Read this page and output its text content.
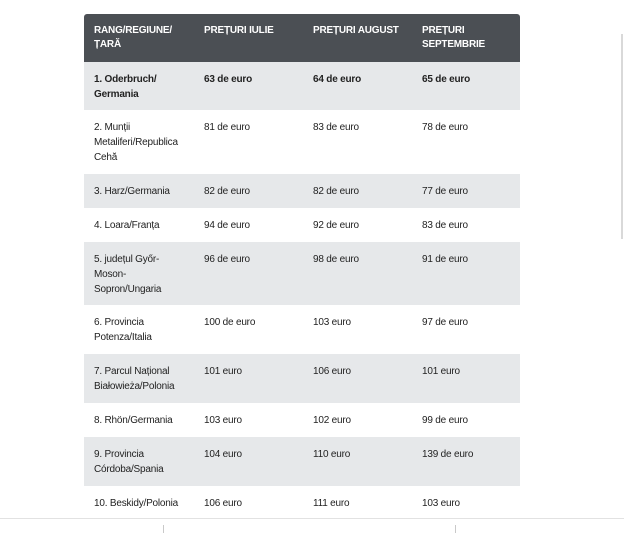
RANG/REGIUNE/ ȚARĂ	PREȚURI IULIE	PREȚURI AUGUST	PREȚURI SEPTEMBRIE
1. Oderbruch/ Germania	63 de euro	64 de euro	65 de euro
2. Munții Metaliferi/Republica Cehă	81 de euro	83 de euro	78 de euro
3. Harz/Germania	82 de euro	82 de euro	77 de euro
4. Loara/Franța	94 de euro	92 de euro	83 de euro
5. județul Győr-Moson-Sopron/Ungaria	96 de euro	98 de euro	91 de euro
6. Provincia Potenza/Italia	100 de euro	103 euro	97 de euro
7. Parcul Național Białowieża/Polonia	101 euro	106 euro	101 euro
8. Rhön/Germania	103 euro	102 euro	99 de euro
9. Provincia Córdoba/Spania	104 euro	110 euro	139 de euro
10. Beskidy/Polonia	106 euro	111 euro	103 euro
